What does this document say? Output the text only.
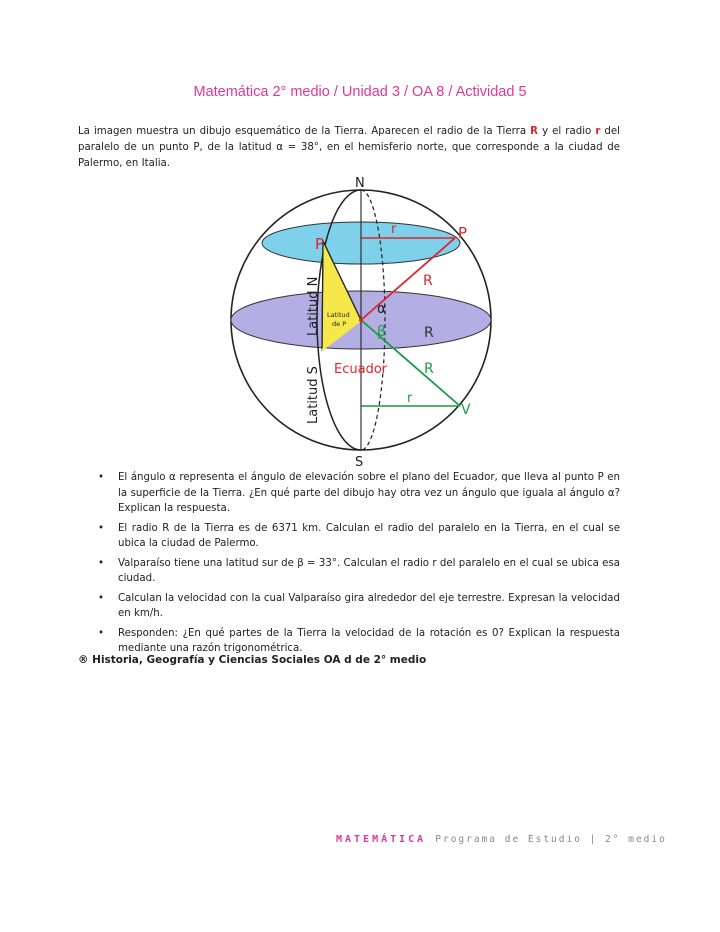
Matemática 2° medio / Unidad 3 / OA 8 / Actividad 5
La imagen muestra un dibujo esquemático de la Tierra. Aparecen el radio de la Tierra R y el radio r del paralelo de un punto P, de la latitud α = 38°, en el hemisferio norte, que corresponde a la ciudad de Palermo, en Italia.
N
S
P
P
r
R
R
R
r
V
α
β
Ecuador
Latitud
de P
Latitud N
Latitud S
• El ángulo α representa el ángulo de elevación sobre el plano del Ecuador, que lleva al punto P en la superficie de la Tierra. ¿En qué parte del dibujo hay otra vez un ángulo que iguala al ángulo α? Explican la respuesta.
• El radio R de la Tierra es de 6371 km. Calculan el radio del paralelo en la Tierra, en el cual se ubica la ciudad de Palermo.
• Valparaíso tiene una latitud sur de β = 33°. Calculan el radio r del paralelo en el cual se ubica esa ciudad.
• Calculan la velocidad con la cual Valparaíso gira alrededor del eje terrestre. Expresan la velocidad en km/h.
• Responden: ¿En qué partes de la Tierra la velocidad de la rotación es 0? Explican la respuesta mediante una razón trigonométrica.
® Historia, Geografía y Ciencias Sociales OA d de 2° medio
MATEMÁTICA Programa de Estudio | 2° medio
